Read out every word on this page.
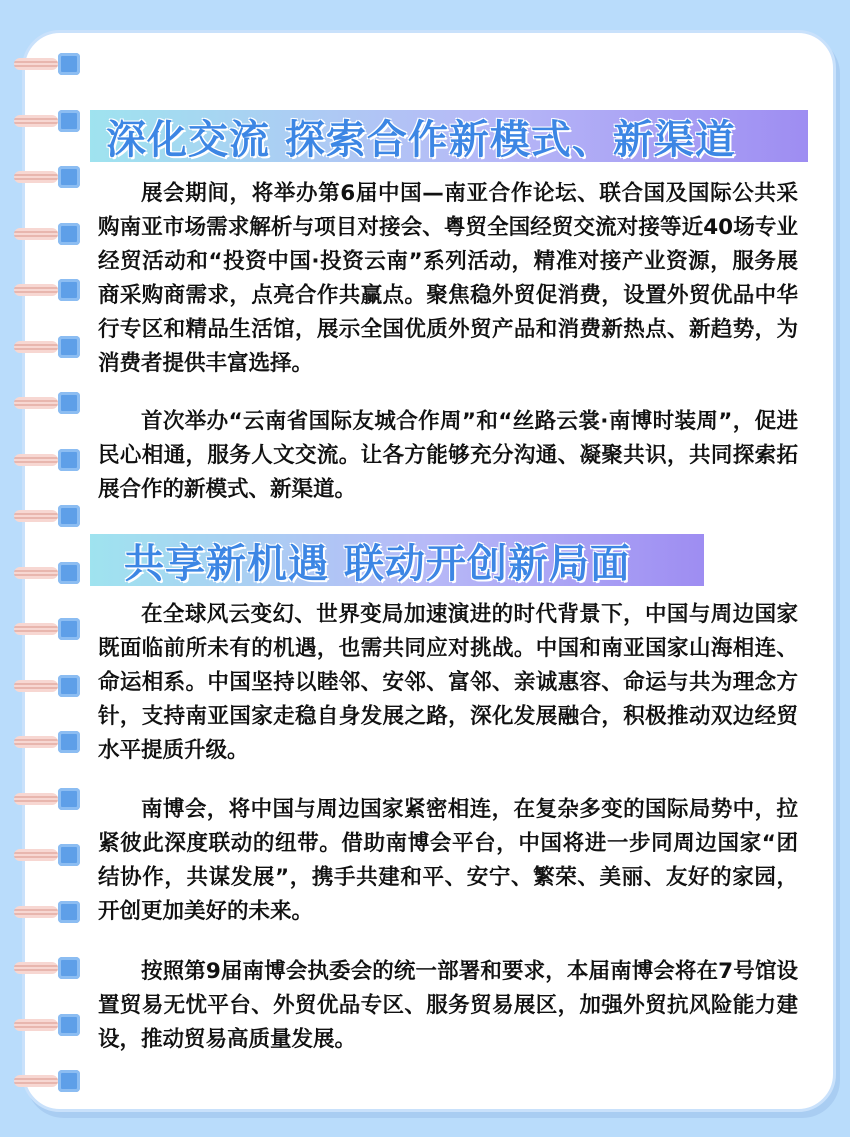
深化交流 探索合作新模式、新渠道

展会期间，将举办第6届中国—南亚合作论坛、联合国及国际公共采购南亚市场需求解析与项目对接会、粤贸全国经贸交流对接等近40场专业经贸活动和“投资中国·投资云南”系列活动，精准对接产业资源，服务展商采购商需求，点亮合作共赢点。聚焦稳外贸促消费，设置外贸优品中华行专区和精品生活馆，展示全国优质外贸产品和消费新热点、新趋势，为消费者提供丰富选择。

首次举办“云南省国际友城合作周”和“丝路云裳·南博时装周”，促进民心相通，服务人文交流。让各方能够充分沟通、凝聚共识，共同探索拓展合作的新模式、新渠道。

共享新机遇 联动开创新局面

在全球风云变幻、世界变局加速演进的时代背景下，中国与周边国家既面临前所未有的机遇，也需共同应对挑战。中国和南亚国家山海相连、命运相系。中国坚持以睦邻、安邻、富邻、亲诚惠容、命运与共为理念方针，支持南亚国家走稳自身发展之路，深化发展融合，积极推动双边经贸水平提质升级。

南博会，将中国与周边国家紧密相连，在复杂多变的国际局势中，拉紧彼此深度联动的纽带。借助南博会平台，中国将进一步同周边国家“团结协作，共谋发展”，携手共建和平、安宁、繁荣、美丽、友好的家园，开创更加美好的未来。

按照第9届南博会执委会的统一部署和要求，本届南博会将在7号馆设置贸易无忧平台、外贸优品专区、服务贸易展区，加强外贸抗风险能力建设，推动贸易高质量发展。
